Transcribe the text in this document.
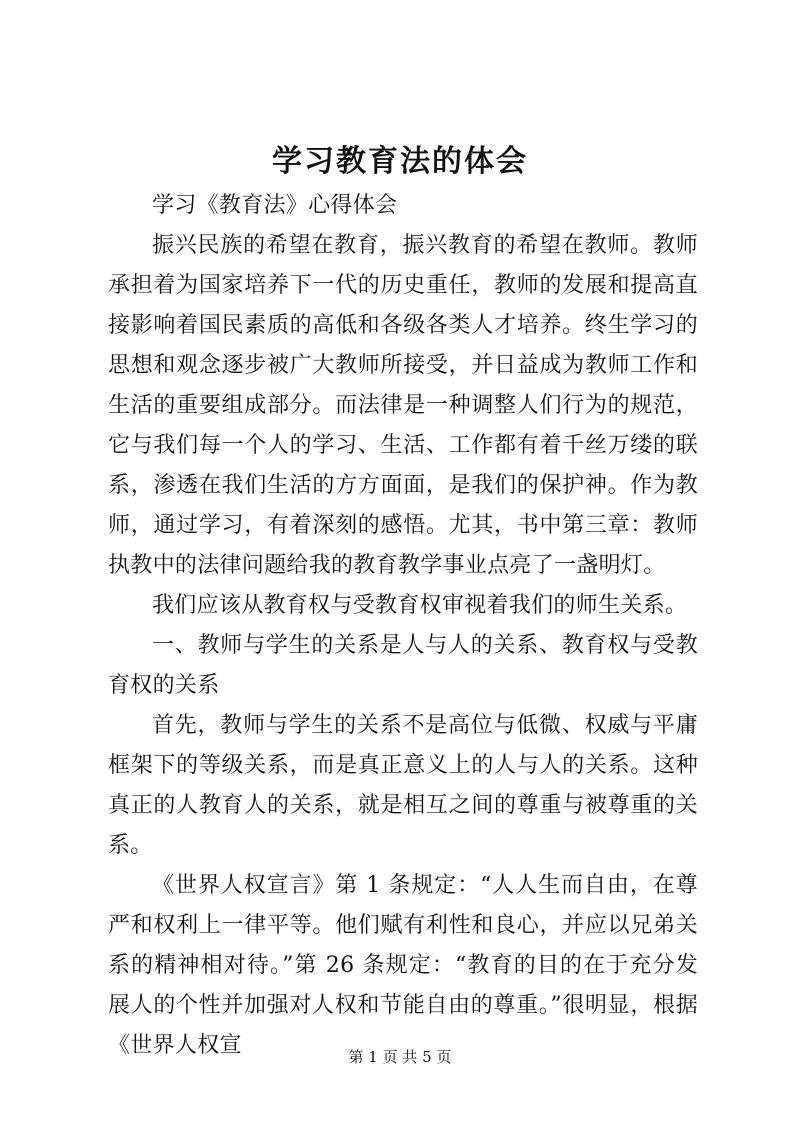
学习教育法的体会

学习《教育法》心得体会

振兴民族的希望在教育，振兴教育的希望在教师。教师承担着为国家培养下一代的历史重任，教师的发展和提高直接影响着国民素质的高低和各级各类人才培养。终生学习的思想和观念逐步被广大教师所接受，并日益成为教师工作和生活的重要组成部分。而法律是一种调整人们行为的规范，它与我们每一个人的学习、生活、工作都有着千丝万缕的联系，渗透在我们生活的方方面面，是我们的保护神。作为教师，通过学习，有着深刻的感悟。尤其，书中第三章：教师执教中的法律问题给我的教育教学事业点亮了一盏明灯。

我们应该从教育权与受教育权审视着我们的师生关系。

一、教师与学生的关系是人与人的关系、教育权与受教育权的关系

首先，教师与学生的关系不是高位与低微、权威与平庸框架下的等级关系，而是真正意义上的人与人的关系。这种真正的人教育人的关系，就是相互之间的尊重与被尊重的关系。

《世界人权宣言》第 1 条规定：“人人生而自由，在尊严和权利上一律平等。他们赋有利性和良心，并应以兄弟关系的精神相对待。”第 26 条规定：“教育的目的在于充分发展人的个性并加强对人权和节能自由的尊重。”很明显，根据《世界人权宣	第 1 页 共 5 页
